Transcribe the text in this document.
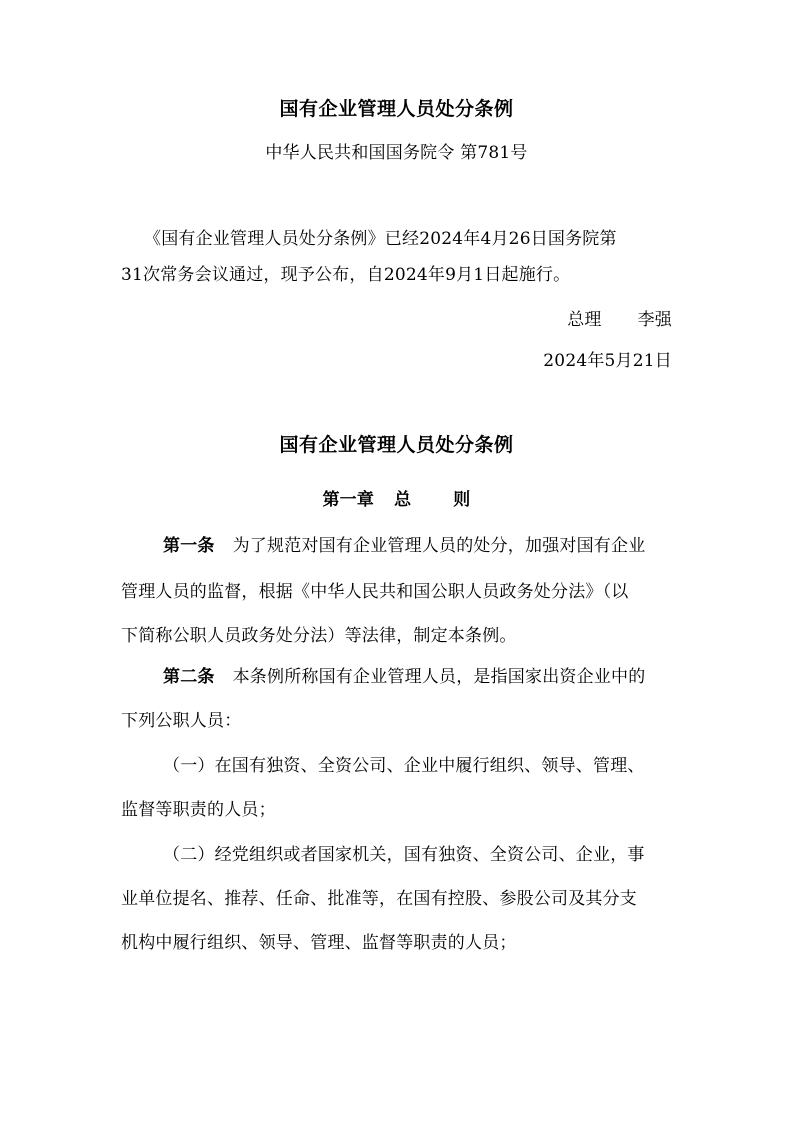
国有企业管理人员处分条例
中华人民共和国国务院令 第781号
《国有企业管理人员处分条例》已经2024年4月26日国务院第
31次常务会议通过，现予公布，自2024年9月1日起施行。
总理 李强
2024年5月21日
国有企业管理人员处分条例
第一章 总 则
第一条 为了规范对国有企业管理人员的处分，加强对国有企业
管理人员的监督，根据《中华人民共和国公职人员政务处分法》（以
下简称公职人员政务处分法）等法律，制定本条例。
第二条 本条例所称国有企业管理人员，是指国家出资企业中的
下列公职人员：
（一）在国有独资、全资公司、企业中履行组织、领导、管理、
监督等职责的人员；
（二）经党组织或者国家机关，国有独资、全资公司、企业，事
业单位提名、推荐、任命、批准等，在国有控股、参股公司及其分支
机构中履行组织、领导、管理、监督等职责的人员；
